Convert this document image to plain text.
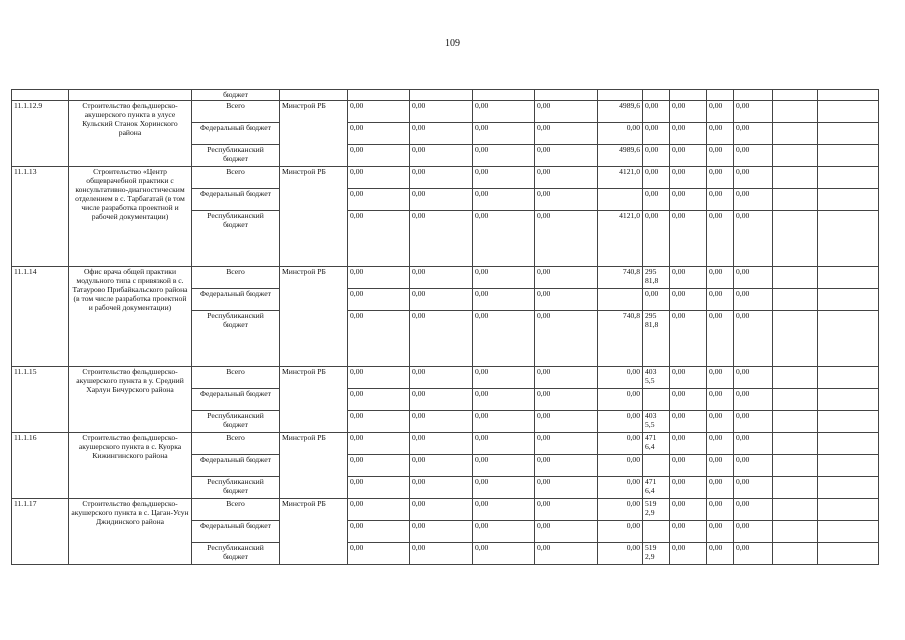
109
		бюджет												
11.1.12.9	Строительство фельдшерско-акушерского пункта в улусе Кульский Станок Хоринского района	Всего	Минстрой РБ	0,00	0,00	0,00	0,00	4989,6	0,00	0,00	0,00	0,00		
		Федеральный бюджет		0,00	0,00	0,00	0,00	0,00	0,00	0,00	0,00	0,00		
		Республиканский бюджет		0,00	0,00	0,00	0,00	4989,6	0,00	0,00	0,00	0,00		
11.1.13	Строительство «Центр общеврачебной практики с консультативно-диагностическим отделением в с. Тарбагатай (в том числе разработка проектной и рабочей документации)	Всего	Минстрой РБ	0,00	0,00	0,00	0,00	4121,0	0,00	0,00	0,00	0,00		
		Федеральный бюджет		0,00	0,00	0,00	0,00		0,00	0,00	0,00	0,00		
		Республиканский бюджет		0,00	0,00	0,00	0,00	4121,0	0,00	0,00	0,00	0,00		
11.1.14	Офис врача общей практики модульного типа с привязкой в с. Татаурово Прибайкальского района (в том числе разработка проектной и рабочей документации)	Всего	Минстрой РБ	0,00	0,00	0,00	0,00	740,8	295 81,8	0,00	0,00	0,00		
		Федеральный бюджет		0,00	0,00	0,00	0,00		0,00	0,00	0,00	0,00		
		Республиканский бюджет		0,00	0,00	0,00	0,00	740,8	295 81,8	0,00	0,00	0,00		
11.1.15	Строительство фельдшерско-акушерского пункта в у. Средний Харлун Бичурского района	Всего	Минстрой РБ	0,00	0,00	0,00	0,00	0,00	403 5,5	0,00	0,00	0,00		
		Федеральный бюджет		0,00	0,00	0,00	0,00	0,00		0,00	0,00	0,00		
		Республиканский бюджет		0,00	0,00	0,00	0,00	0,00	403 5,5	0,00	0,00	0,00		
11.1.16	Строительство фельдшерско-акушерского пункта в с. Куорка Кижингинского района	Всего	Минстрой РБ	0,00	0,00	0,00	0,00	0,00	471 6,4	0,00	0,00	0,00		
		Федеральный бюджет		0,00	0,00	0,00	0,00	0,00		0,00	0,00	0,00		
		Республиканский бюджет		0,00	0,00	0,00	0,00	0,00	471 6,4	0,00	0,00	0,00		
11.1.17	Строительство фельдшерско-акушерского пункта в с. Цаган-Усун Джидинского района	Всего	Минстрой РБ	0,00	0,00	0,00	0,00	0,00	519 2,9	0,00	0,00	0,00		
		Федеральный бюджет		0,00	0,00	0,00	0,00	0,00		0,00	0,00	0,00		
		Республиканский бюджет		0,00	0,00	0,00	0,00	0,00	519 2,9	0,00	0,00	0,00		
